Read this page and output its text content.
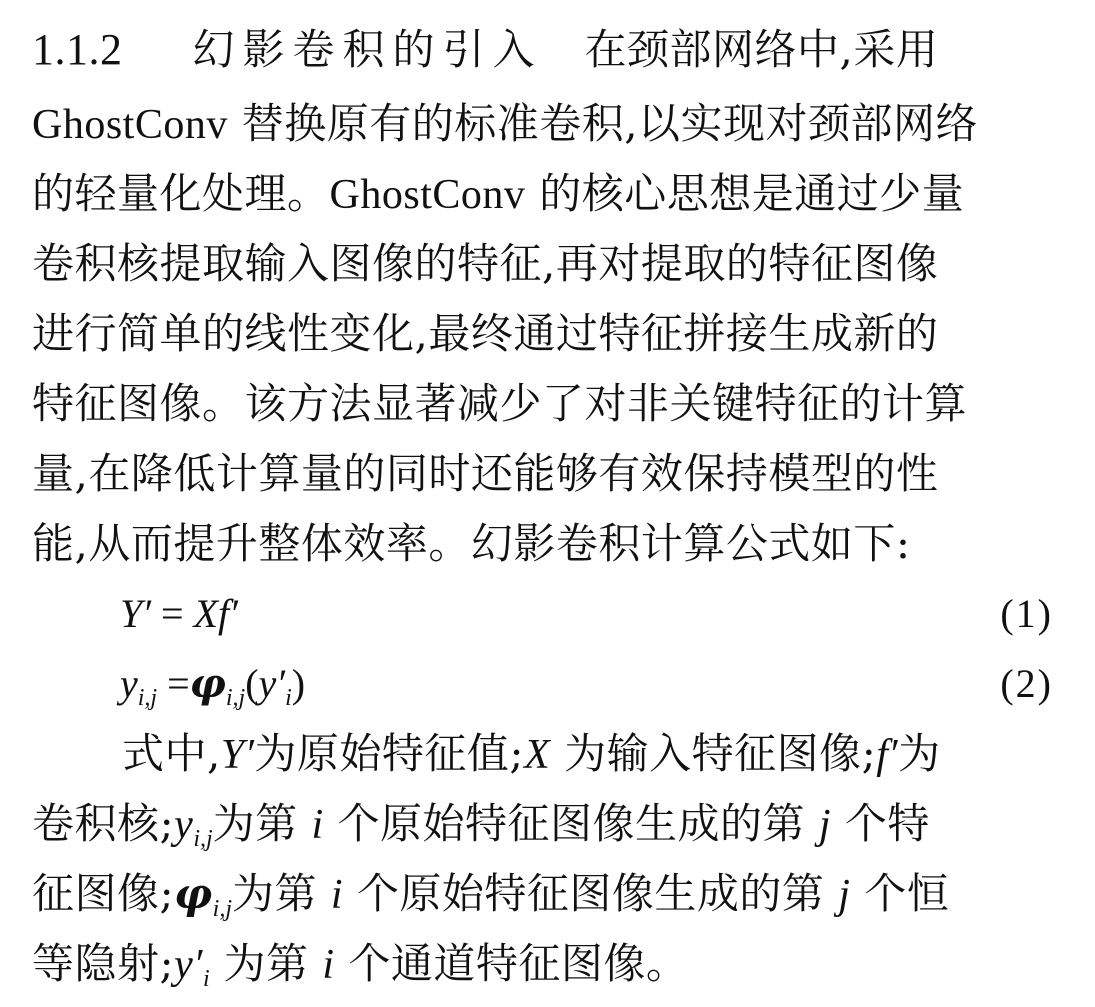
1.1.2 幻影卷积的引入 在颈部网络中,采用
GhostConv 替换原有的标准卷积,以实现对颈部网络
的轻量化处理。GhostConv 的核心思想是通过少量
卷积核提取输入图像的特征,再对提取的特征图像
进行简单的线性变化,最终通过特征拼接生成新的
特征图像。该方法显著减少了对非关键特征的计算
量,在降低计算量的同时还能够有效保持模型的性
能,从而提升整体效率。幻影卷积计算公式如下:
Y′ = Xf′	(1)
$y_{i,j} =\varphi_{i,j}(y'_i)$	(2)
式中,Y′为原始特征值;X 为输入特征图像;f′为
卷积核$;y_{i,j}$为第 i 个原始特征图像生成的第 j 个特
征图像$;\varphi_{i,j}$为第 i 个原始特征图像生成的第 j 个恒
等隐射$;y'_i$ 为第 i 个通道特征图像。
